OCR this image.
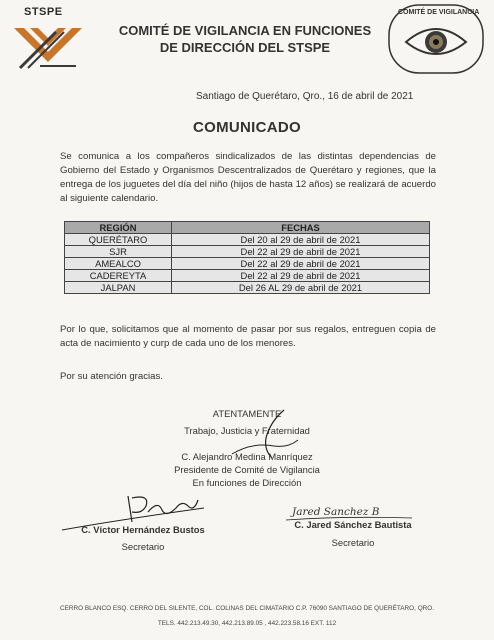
STSPE
COMITÉ DE VIGILANCIA EN FUNCIONES
DE DIRECCIÓN DEL STSPE
COMITÉ DE VIGILANCIA
Santiago de Querétaro, Qro., 16 de abril de 2021
COMUNICADO
Se comunica a los compañeros sindicalizados de las distintas dependencias de Gobierno del Estado y Organismos Descentralizados de Querétaro y regiones, que la entrega de los juguetes del día del niño (hijos de hasta 12 años) se realizará de acuerdo al siguiente calendario.
REGIÓN	FECHAS
QUERÉTARO	Del 20 al 29 de abril de 2021
SJR	Del 22 al 29 de abril de 2021
AMEALCO	Del 22 al 29 de abril de 2021
CADEREYTA	Del 22 al 29 de abril de 2021
JALPAN	Del 26 AL 29 de abril de 2021
Por lo que, solicitamos que al momento de pasar por sus regalos, entreguen copia de acta de nacimiento y curp de cada uno de los menores.
Por su atención gracias.
ATENTAMENTE
Trabajo, Justicia y Fraternidad
C. Alejandro Medina Manríquez
Presidente de Comité de Vigilancia
En funciones de Dirección
C. Víctor Hernández Bustos
Secretario
Jared Sanchez B
C. Jared Sánchez Bautista
Secretario
CERRO BLANCO ESQ. CERRO DEL SILENTE, COL. COLINAS DEL CIMATARIO C.P. 76090 SANTIAGO DE QUERÉTARO, QRO.
TELS. 442.213.49.30, 442.213.89.05 , 442.223.58.16 EXT. 112
